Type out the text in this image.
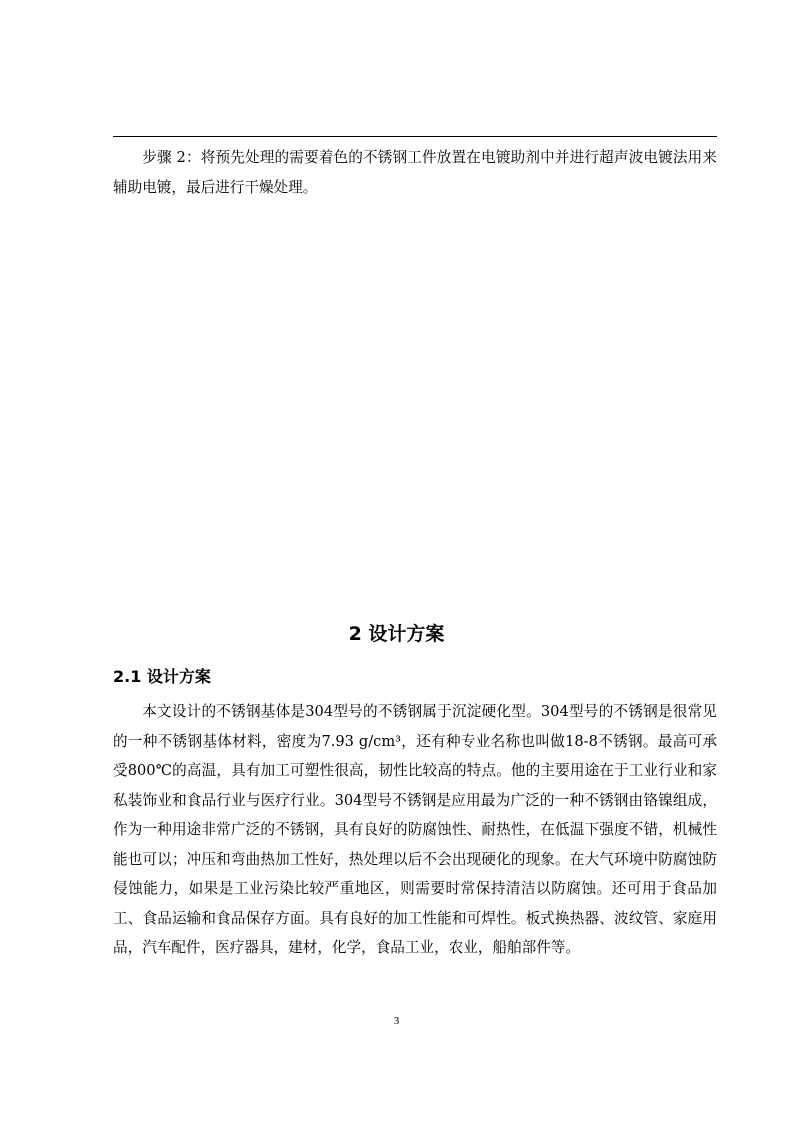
步骤 2：将预先处理的需要着色的不锈钢工件放置在电镀助剂中并进行超声波电镀法用来辅助电镀，最后进行干燥处理。

2 设计方案
2.1 设计方案

本文设计的不锈钢基体是304型号的不锈钢属于沉淀硬化型。304型号的不锈钢是很常见的一种不锈钢基体材料，密度为7.93 g/cm³，还有种专业名称也叫做18-8不锈钢。最高可承受800℃的高温，具有加工可塑性很高，韧性比较高的特点。他的主要用途在于工业行业和家私装饰业和食品行业与医疗行业。304型号不锈钢是应用最为广泛的一种不锈钢由铬镍组成，作为一种用途非常广泛的不锈钢，具有良好的防腐蚀性、耐热性，在低温下强度不错，机械性能也可以；冲压和弯曲热加工性好，热处理以后不会出现硬化的现象。在大气环境中防腐蚀防侵蚀能力，如果是工业污染比较严重地区，则需要时常保持清洁以防腐蚀。还可用于食品加工、食品运输和食品保存方面。具有良好的加工性能和可焊性。板式换热器、波纹管、家庭用品，汽车配件，医疗器具，建材，化学，食品工业，农业，船舶部件等。

3
